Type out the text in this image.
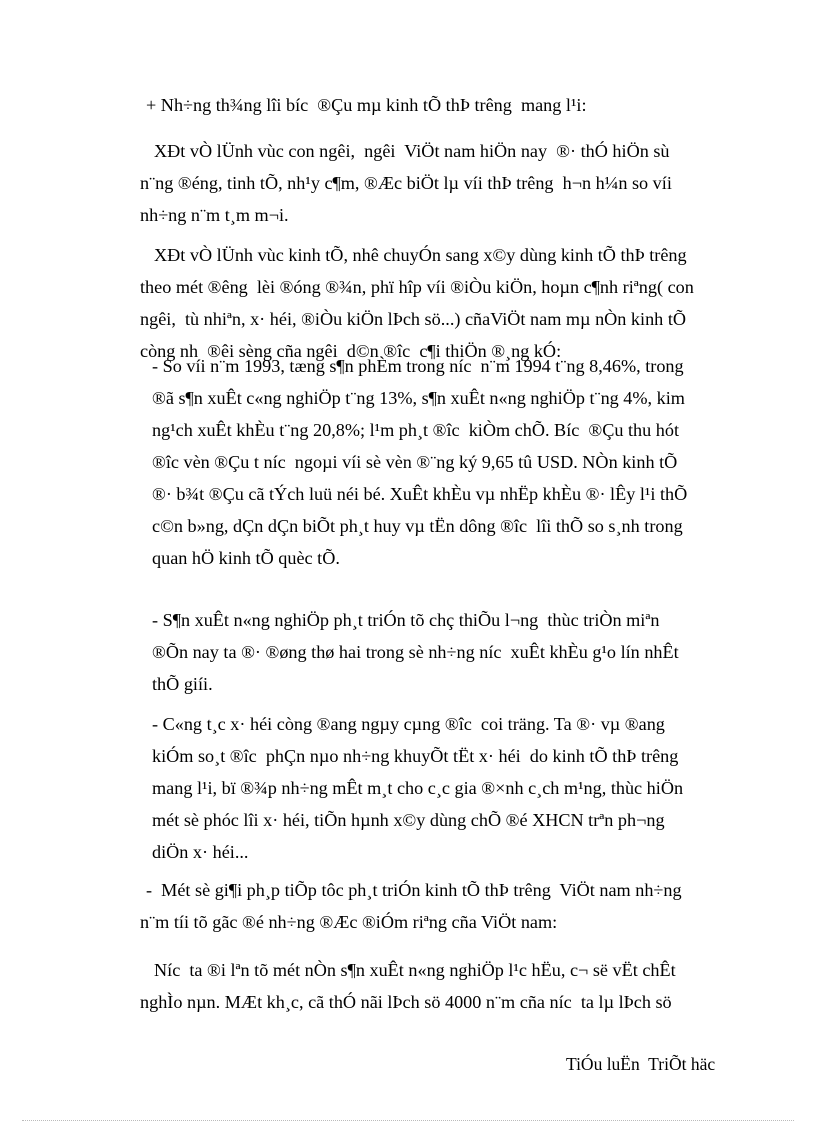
+ Nh÷ng th¾ng lîi bíc  ®Çu mµ kinh tÕ thÞ trêng  mang l¹i:

XÐt vÒ lÜnh vùc con ngêi,  ngêi  ViÖt nam hiÖn nay  ®· thÓ hiÖn sù

n¨ng ®éng, tinh tÕ, nh¹y c¶m, ®Æc biÖt lµ víi thÞ trêng  h¬n h¼n so víi

nh÷ng n¨m t¸m m¬i.

XÐt vÒ lÜnh vùc kinh tÕ, nhê chuyÓn sang x©y dùng kinh tÕ thÞ trêng

theo mét ®êng  lèi ®óng ®¾n, phï hîp víi ®iÒu kiÖn, hoµn c¶nh riªng( con

ngêi,  tù nhiªn, x· héi, ®iÒu kiÖn lÞch sö...) cñaViÖt nam mµ nÒn kinh tÕ

còng nh  ®êi sèng cña ngêi  d©n ®îc  c¶i thiÖn ®¸ng kÓ:

- So víi n¨m 1993, tæng s¶n phÈm trong níc  n¨m 1994 t¨ng 8,46%, trong

®ã s¶n xuÊt c«ng nghiÖp t¨ng 13%, s¶n xuÊt n«ng nghiÖp t¨ng 4%, kim

ng¹ch xuÊt khÈu t¨ng 20,8%; l¹m ph¸t ®îc  kiÒm chÕ. Bíc  ®Çu thu hót

®îc vèn ®Çu t níc  ngoµi víi sè vèn ®¨ng ký 9,65 tû USD. NÒn kinh tÕ

®· b¾t ®Çu cã tÝch luü néi bé. XuÊt khÈu vµ nhËp khÈu ®· lÊy l¹i thÕ

c©n b»ng, dÇn dÇn biÕt ph¸t huy vµ tËn dông ®îc  lîi thÕ so s¸nh trong

quan hÖ kinh tÕ quèc tÕ.

- S¶n xuÊt n«ng nghiÖp ph¸t triÓn tõ chç thiÕu l¬ng  thùc triÒn miªn

®Õn nay ta ®· ®øng thø hai trong sè nh÷ng níc  xuÊt khÈu g¹o lín nhÊt

thÕ giíi.

- C«ng t¸c x· héi còng ®ang ngµy cµng ®îc  coi träng. Ta ®· vµ ®ang

kiÓm so¸t ®îc  phÇn nµo nh÷ng khuyÕt tËt x· héi  do kinh tÕ thÞ trêng

mang l¹i, bï ®¾p nh÷ng mÊt m¸t cho c¸c gia ®×nh c¸ch m¹ng, thùc hiÖn

mét sè phóc lîi x· héi, tiÕn hµnh x©y dùng chÕ ®é XHCN trªn ph¬ng

diÖn x· héi...

-  Mét sè gi¶i ph¸p tiÕp tôc ph¸t triÓn kinh tÕ thÞ trêng  ViÖt nam nh÷ng

n¨m tíi tõ gãc ®é nh÷ng ®Æc ®iÓm riªng cña ViÖt nam:

Níc  ta ®i lªn tõ mét nÒn s¶n xuÊt n«ng nghiÖp l¹c hËu, c¬ së vËt chÊt

nghÌo nµn. MÆt kh¸c, cã thÓ nãi lÞch sö 4000 n¨m cña níc  ta lµ lÞch sö

TiÓu luËn  TriÕt häc
